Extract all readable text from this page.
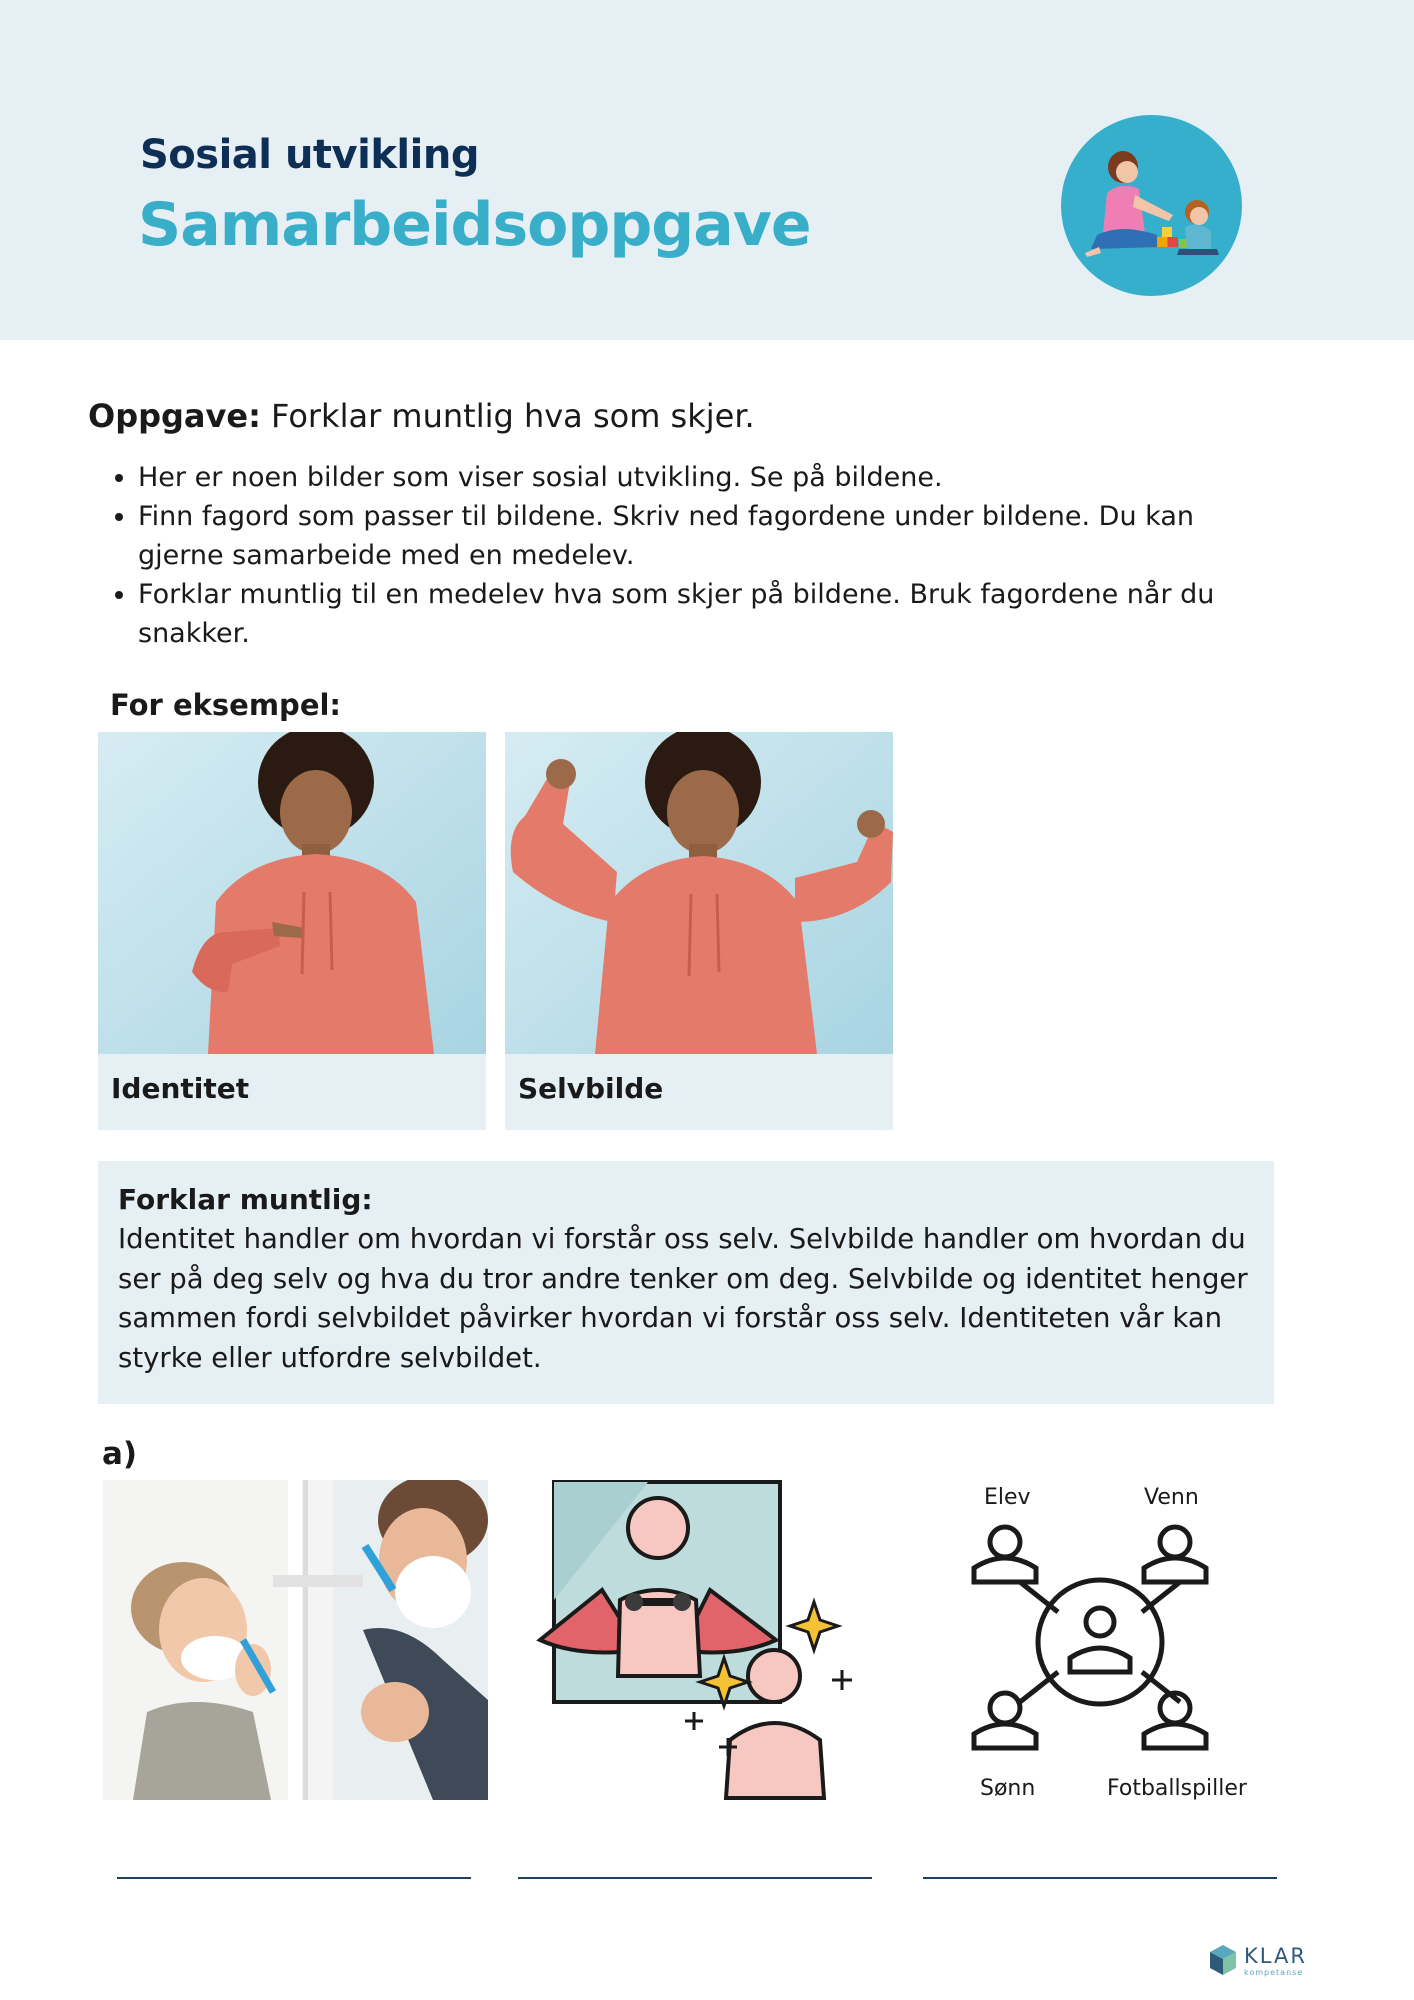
Sosial utvikling
Samarbeidsoppgave
Oppgave: Forklar muntlig hva som skjer.
• Her er noen bilder som viser sosial utvikling. Se på bildene.
• Finn fagord som passer til bildene. Skriv ned fagordene under bildene. Du kan gjerne samarbeide med en medelev.
• Forklar muntlig til en medelev hva som skjer på bildene. Bruk fagordene når du snakker.
For eksempel:
Identitet	Selvbilde
Forklar muntlig:
Identitet handler om hvordan vi forstår oss selv. Selvbilde handler om hvordan du ser på deg selv og hva du tror andre tenker om deg. Selvbilde og identitet henger sammen fordi selvbildet påvirker hvordan vi forstår oss selv. Identiteten vår kan styrke eller utfordre selvbildet.
a)
Elev	Venn
Sønn	Fotballspiller
KLAR
kompetanse
